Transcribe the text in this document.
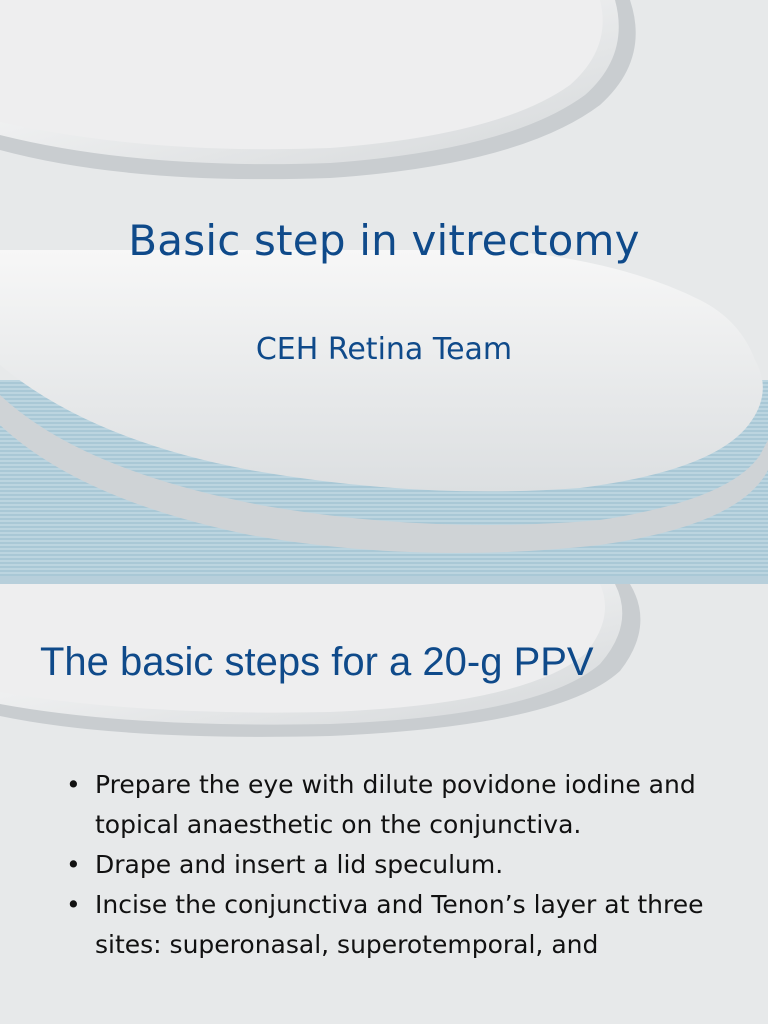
Basic step in vitrectomy
CEH Retina Team
The basic steps for a 20-g PPV
• Prepare the eye with dilute povidone iodine and
topical anaesthetic on the conjunctiva.
• Drape and insert a lid speculum.
• Incise the conjunctiva and Tenon’s layer at three
sites: superonasal, superotemporal, and
